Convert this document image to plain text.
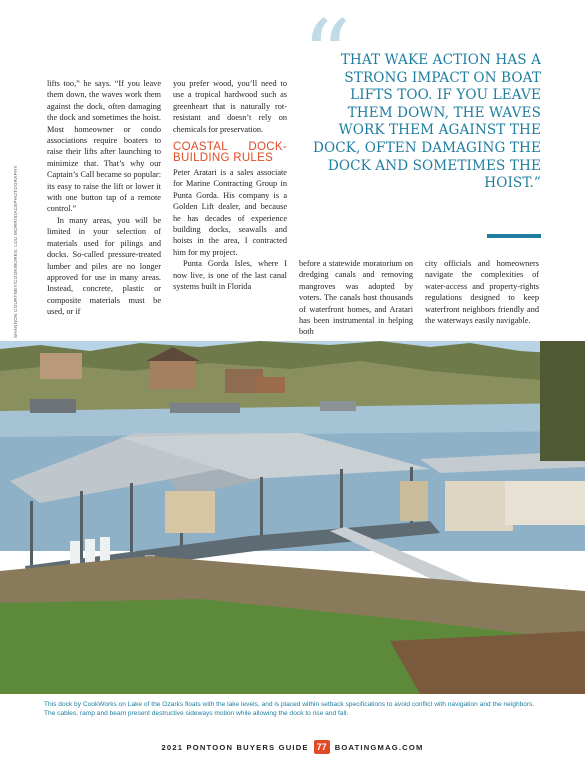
“
THAT WAKE ACTION HAS A STRONG IMPACT ON BOAT LIFTS TOO. IF YOU LEAVE THEM DOWN, THE WAVES WORK THEM AGAINST THE DOCK, OFTEN DAMAGING THE DOCK AND SOMETIMES THE HOIST.”
SHANNON COURTNEY/COOKWORKS; LOU MORRIS/ACEPHOTOGRAPHY

lifts too,” he says. “If you leave them down, the waves work them against the dock, often damaging the dock and sometimes the hoist. Most homeowner or condo associations require boaters to raise their lifts after launching to minimize that. That’s why our Captain’s Call became so popular: its easy to raise the lift or lower it with one button tap of a remote control.”

In many areas, you will be limited in your selection of materials used for pilings and docks. So-called pressure-treated lumber and piles are no longer approved for use in many areas. Instead, concrete, plastic or composite materials must be used, or if

you prefer wood, you’ll need to use a tropical hardwood such as greenheart that is naturally rot-resistant and doesn’t rely on chemicals for preservation.

COASTAL DOCK-BUILDING RULES

Peter Aratari is a sales associate for Marine Contracting Group in Punta Gorda. His company is a Golden Lift dealer, and because he has decades of experience building docks, seawalls and hoists in the area, I contracted him for my project.

Punta Gorda Isles, where I now live, is one of the last canal systems built in Florida

before a statewide moratorium on dredging canals and removing mangroves was adopted by voters. The canals host thousands of waterfront homes, and Aratari has been instrumental in helping both

city officials and homeowners navigate the complexities of water-access and property-rights regulations designed to keep waterfront neighbors friendly and the waterways easily navigable.

This dock by CookWorks on Lake of the Ozarks floats with the lake levels, and is placed within setback specifications to avoid conflict with navigation and the neighbors. The cables, ramp and beam present destructive sideways motion while allowing the dock to rise and fall.
2021 PONTOON BUYERS GUIDE 77	BOATINGMAG.COM
